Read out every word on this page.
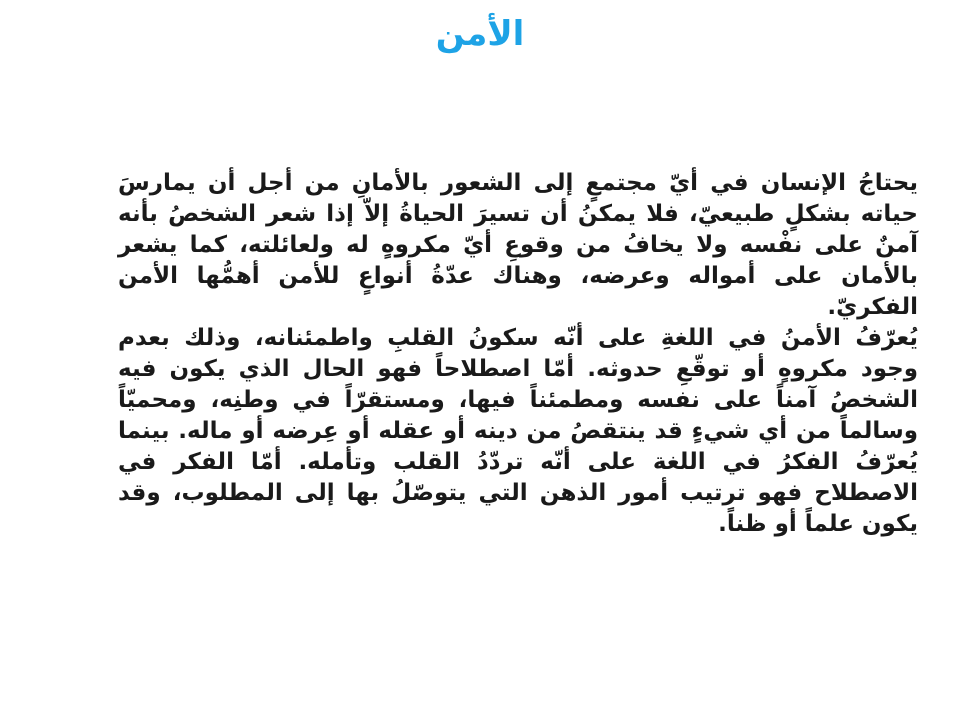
الأمن

يحتاجُ الإنسان في أيّ مجتمعٍ إلى الشعور بالأمانِ من أجل أن يمارسَ حياته بشكلٍ طبيعيّ، فلا يمكنُ أن تسيرَ الحياةُ إلاّ إذا شعر الشخصُ بأنه آمنٌ على نفْسه ولا يخافُ من وقوعِ أيّ مكروهٍ له ولعائلته، كما يشعر بالأمان على أمواله وعرضه، وهناك عدّةُ أنواعٍ للأمن أهمُّها الأمن الفكريّ.

يُعرّفُ الأمنُ في اللغةِ على أنّه سكونُ القلبِ واطمئنانه، وذلك بعدم وجود مكروهٍ أو توقّعِ حدوثه. أمّا اصطلاحاً فهو الحال الذي يكون فيه الشخصُ آمناً على نفسه ومطمئناً فيها، ومستقرّاً في وطنِه، ومحميّاً وسالماً من أي شيءٍ قد ينتقصُ من دينه أو عقله أو عِرضه أو ماله. بينما يُعرّفُ الفكرُ في اللغة على أنّه تردّدُ القلب وتأمله. أمّا الفكر في الاصطلاح فهو ترتيب أمور الذهن التي يتوصّلُ بها إلى المطلوب، وقد يكون علماً أو ظناً.
